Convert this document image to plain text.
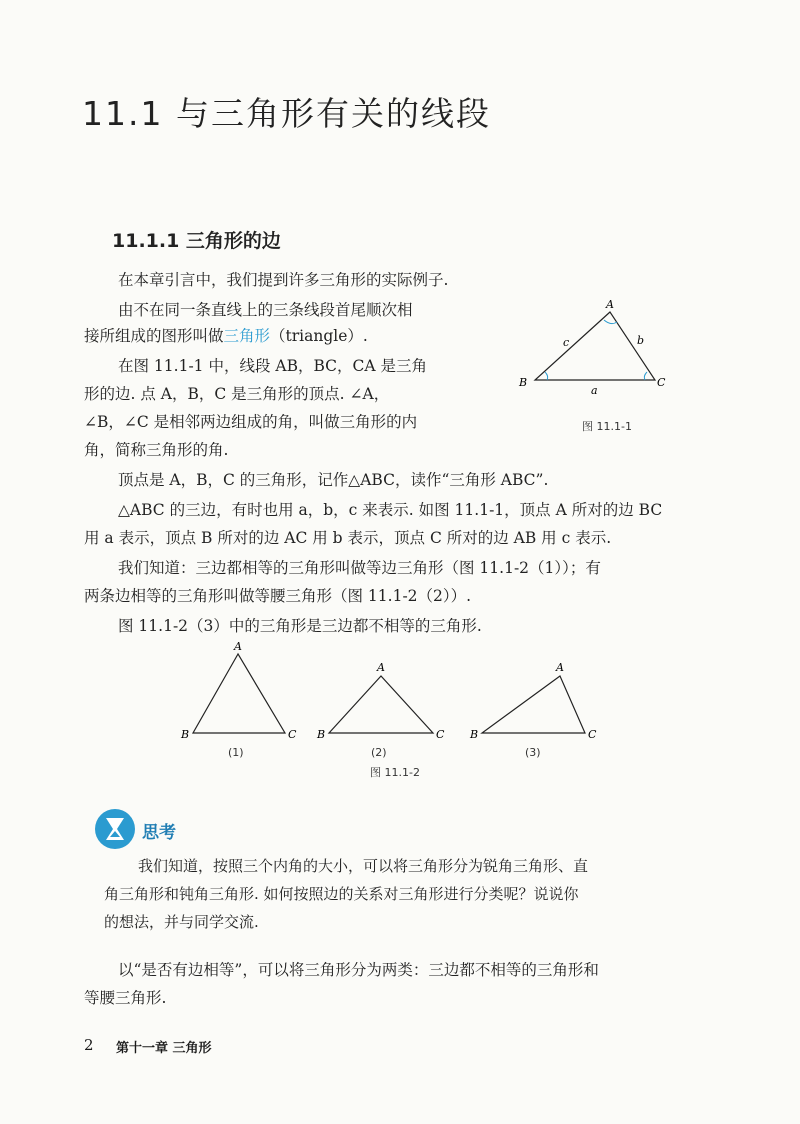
11.1 与三角形有关的线段
11.1.1 三角形的边
在本章引言中，我们提到许多三角形的实际例子.
由不在同一条直线上的三条线段首尾顺次相
接所组成的图形叫做三角形（triangle）.
在图 11.1-1 中，线段 AB，BC，CA 是三角
形的边. 点 A，B，C 是三角形的顶点. ∠A，
∠B，∠C 是相邻两边组成的角，叫做三角形的内
角，简称三角形的角.
顶点是 A，B，C 的三角形，记作△ABC，读作“三角形 ABC”.
△ABC 的三边，有时也用 a，b，c 来表示. 如图 11.1-1，顶点 A 所对的边 BC
用 a 表示，顶点 B 所对的边 AC 用 b 表示，顶点 C 所对的边 AB 用 c 表示.
我们知道：三边都相等的三角形叫做等边三角形（图 11.1-2（1））；有
两条边相等的三角形叫做等腰三角形（图 11.1-2（2））.
图 11.1-2（3）中的三角形是三边都不相等的三角形.
A
B	C
a
b
c
图 11.1-1
A
B	C
A
B	C
A
B	C
(1)	(2)	(3)
图 11.1-2
思考
我们知道，按照三个内角的大小，可以将三角形分为锐角三角形、直
角三角形和钝角三角形. 如何按照边的关系对三角形进行分类呢？说说你
的想法，并与同学交流.
以“是否有边相等”，可以将三角形分为两类：三边都不相等的三角形和
等腰三角形.
2 第十一章 三角形
